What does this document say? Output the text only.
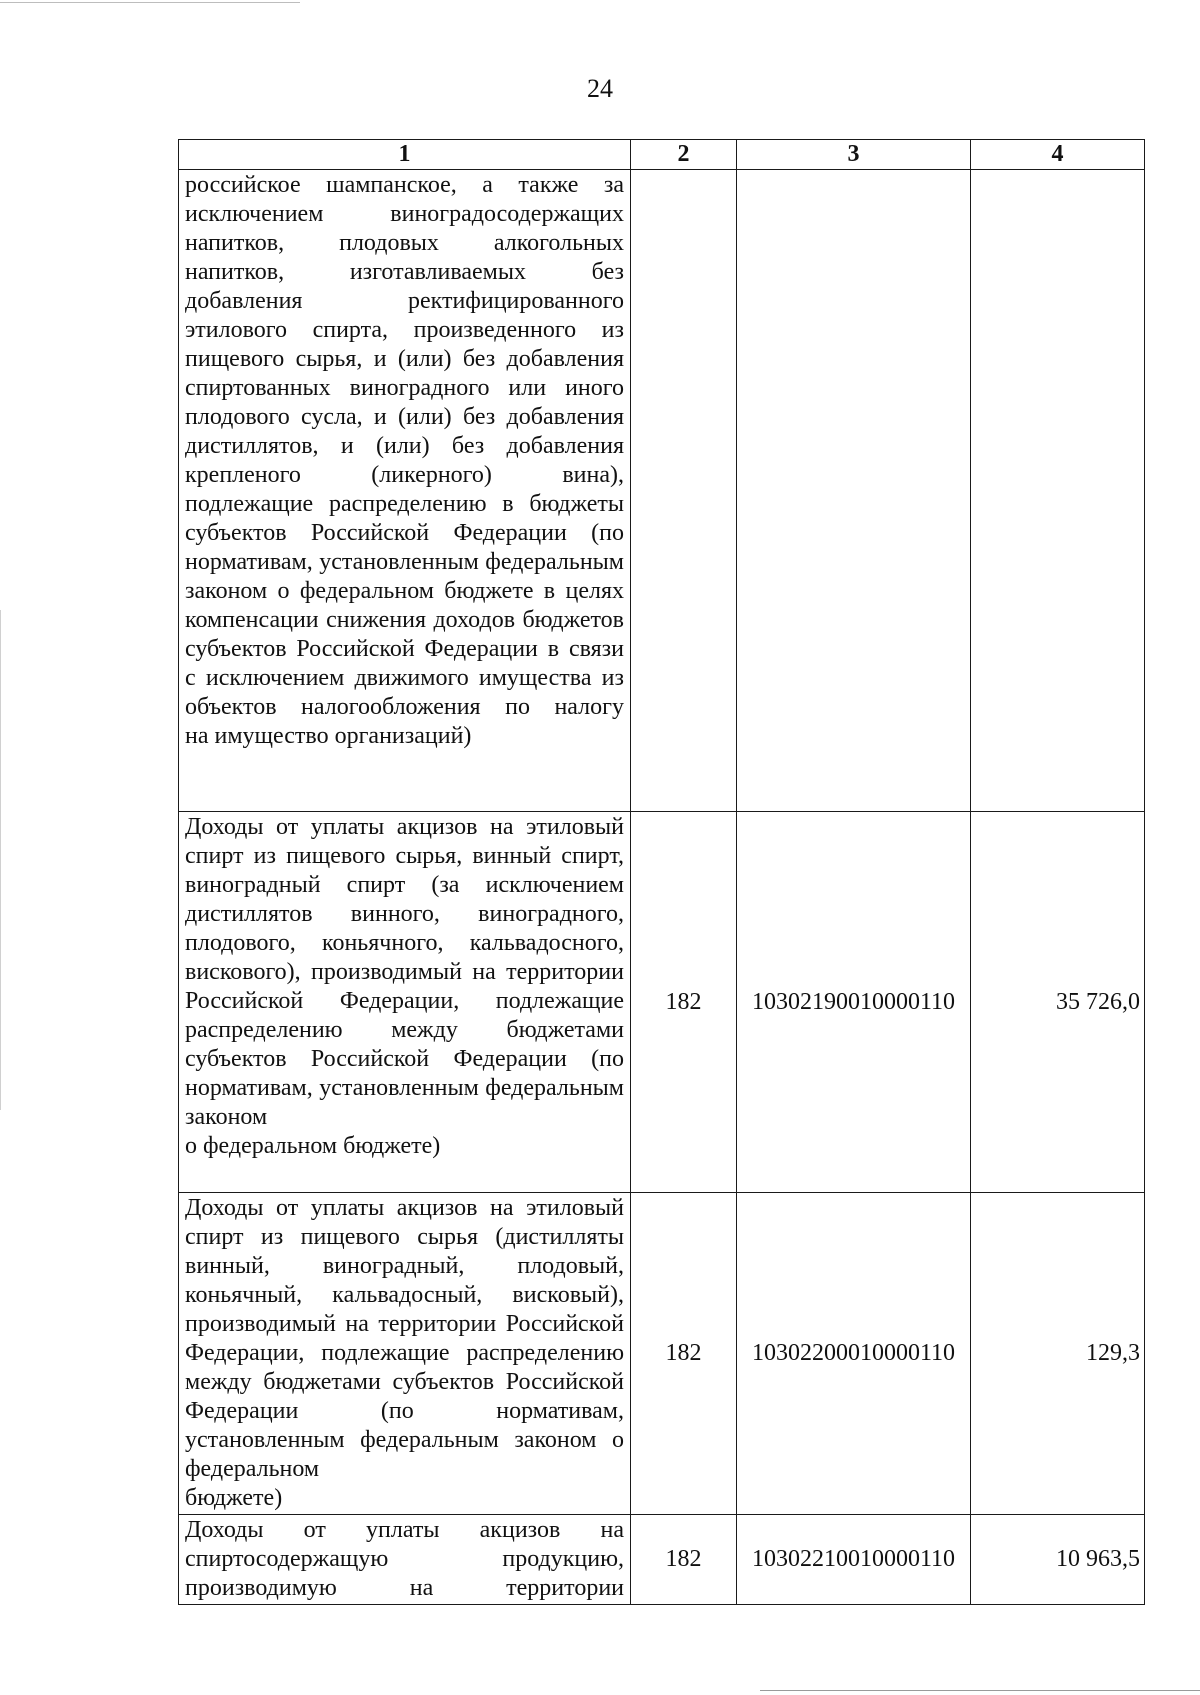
24
1	2	3	4

российское шампанское, а также за исключением виноградосодержащих напитков, плодовых алкогольных напитков, изготавливаемых без добавления ректифицированного этилового спирта, произведенного из пищевого сырья, и (или) без добавления спиртованных виноградного или иного плодового сусла, и (или) без добавления дистиллятов, и (или) без добавления крепленого (ликерного) вина), подлежащие распределению в бюджеты субъектов Российской Федерации (по нормативам, установленным федеральным законом о федеральном бюджете в целях компенсации снижения доходов бюджетов субъектов Российской Федерации в связи с исключением движимого имущества из объектов налогообложения по налогу
на имущество организаций)			

Доходы от уплаты акцизов на этиловый спирт из пищевого сырья, винный спирт, виноградный спирт (за исключением дистиллятов винного, виноградного, плодового, коньячного, кальвадосного, вискового), производимый на территории Российской Федерации, подлежащие распределению между бюджетами субъектов Российской Федерации (по нормативам, установленным федеральным законом
о федеральном бюджете)	182	10302190010000110	35 726,0

Доходы от уплаты акцизов на этиловый спирт из пищевого сырья (дистилляты винный, виноградный, плодовый, коньячный, кальвадосный, висковый), производимый на территории Российской Федерации, подлежащие распределению между бюджетами субъектов Российской Федерации (по нормативам, установленным федеральным законом о федеральном
бюджете)	182	10302200010000110	129,3

Доходы от уплаты акцизов на спиртосодержащую продукцию, производимую на территории	182	10302210010000110	10 963,5
